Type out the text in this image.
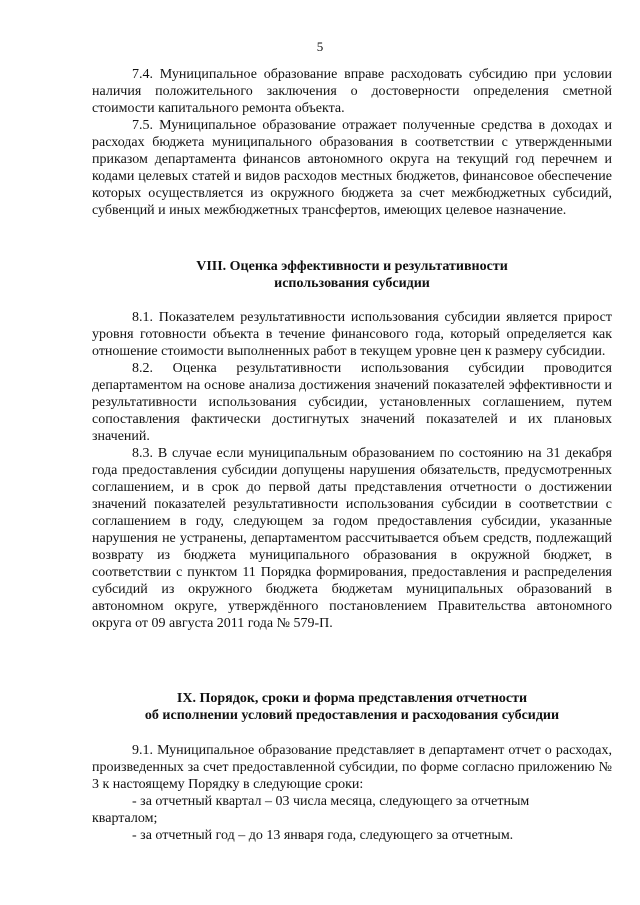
5

7.4. Муниципальное образование вправе расходовать субсидию при условии наличия положительного заключения о достоверности определения сметной стоимости капитального ремонта объекта.

7.5. Муниципальное образование отражает полученные средства в доходах и расходах бюджета муниципального образования в соответствии с утвержденными приказом департамента финансов автономного округа на текущий год перечнем и кодами целевых статей и видов расходов местных бюджетов, финансовое обеспечение которых осуществляется из окружного бюджета за счет межбюджетных субсидий, субвенций и иных межбюджетных трансфертов, имеющих целевое назначение.

VIII. Оценка эффективности и результативности

использования субсидии

8.1. Показателем результативности использования субсидии является прирост уровня готовности объекта в течение финансового года, который определяется как отношение стоимости выполненных работ в текущем уровне цен к размеру субсидии.

8.2. Оценка результативности использования субсидии проводится департаментом на основе анализа достижения значений показателей эффективности и результативности использования субсидии, установленных соглашением, путем сопоставления фактически достигнутых значений показателей и их плановых значений.

8.3. В случае если муниципальным образованием по состоянию на 31 декабря года предоставления субсидии допущены нарушения обязательств, предусмотренных соглашением, и в срок до первой даты представления отчетности о достижении значений показателей результативности использования субсидии в соответствии с соглашением в году, следующем за годом предоставления субсидии, указанные нарушения не устранены, департаментом рассчитывается объем средств, подлежащий возврату из бюджета муниципального образования в окружной бюджет, в соответствии с пунктом 11 Порядка формирования, предоставления и распределения субсидий из окружного бюджета бюджетам муниципальных образований в автономном округе, утверждённого постановлением Правительства автономного округа от 09 августа 2011 года № 579-П.

IX. Порядок, сроки и форма представления отчетности

об исполнении условий предоставления и расходования субсидии

9.1. Муниципальное образование представляет в департамент отчет о расходах, произведенных за счет предоставленной субсидии, по форме согласно приложению № 3 к настоящему Порядку в следующие сроки:

- за отчетный квартал – 03 числа месяца, следующего за отчетным

кварталом;

- за отчетный год – до 13 января года, следующего за отчетным.
